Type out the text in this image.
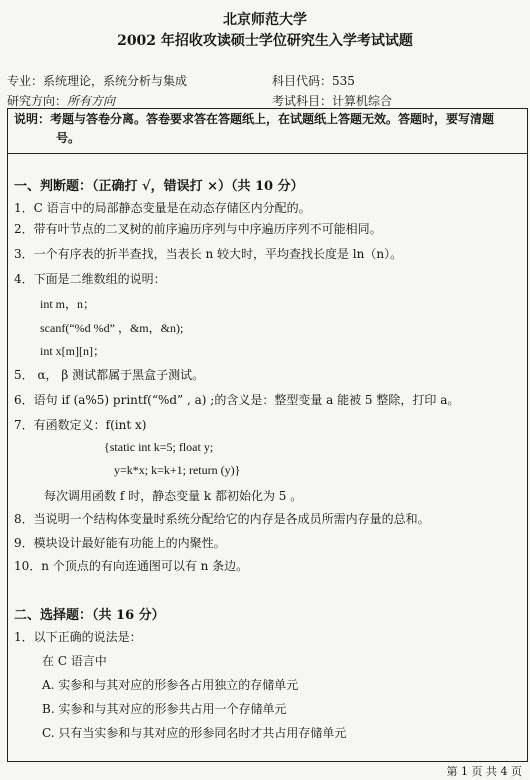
北京师范大学
2002 年招收攻读硕士学位研究生入学考试试题
专业：系统理论，系统分析与集成	科目代码：535
研究方向：所有方向	考试科目：计算机综合
说明：考题与答卷分离。答卷要求答在答题纸上，在试题纸上答题无效。答题时，要写清题
号。
一、判断题：（正确打 √，错误打 ×）（共 10 分）
1．C 语言中的局部静态变量是在动态存储区内分配的。
2．带有叶节点的二叉树的前序遍历序列与中序遍历序列不可能相同。
3．一个有序表的折半查找，当表长 n 较大时，平均查找长度是 ln（n）。
4．下面是二维数组的说明：
int m，n；
scanf(“%d %d” ，&m，&n);
int x[m][n]；
5． α， β 测试都属于黑盒子测试。
6．语句 if (a%5) printf(“%d” , a) ;的含义是：整型变量 a 能被 5 整除，打印 a。
7．有函数定义：f(int x)
{static int k=5; float y;
y=k*x; k=k+1; return (y)}
每次调用函数 f 时，静态变量 k 都初始化为 5 。
8．当说明一个结构体变量时系统分配给它的内存是各成员所需内存量的总和。
9．模块设计最好能有功能上的内聚性。
10．n 个顶点的有向连通图可以有 n 条边。
二、选择题：（共 16 分）
1．以下正确的说法是：
在 C 语言中
A. 实参和与其对应的形参各占用独立的存储单元
B. 实参和与其对应的形参共占用一个存储单元
C. 只有当实参和与其对应的形参同名时才共占用存储单元
第 1 页 共 4 页
